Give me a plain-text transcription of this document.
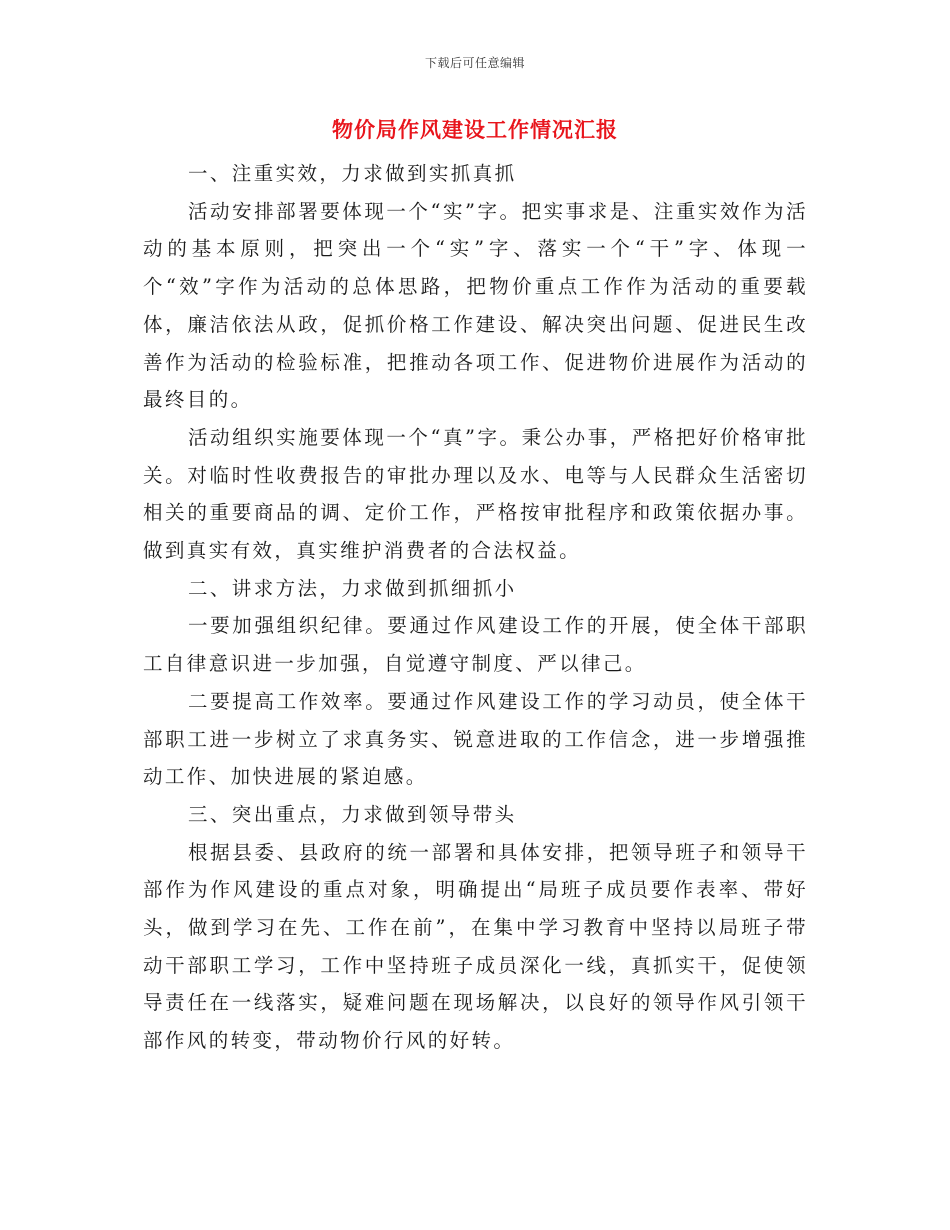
下载后可任意编辑
物价局作风建设工作情况汇报

一、注重实效，力求做到实抓真抓

活动安排部署要体现一个“实”字。把实事求是、注重实效作为活动的基本原则，把突出一个“实”字、落实一个“干”字、体现一个“效”字作为活动的总体思路，把物价重点工作作为活动的重要载体，廉洁依法从政，促抓价格工作建设、解决突出问题、促进民生改善作为活动的检验标准，把推动各项工作、促进物价进展作为活动的最终目的。

活动组织实施要体现一个“真”字。秉公办事，严格把好价格审批关。对临时性收费报告的审批办理以及水、电等与人民群众生活密切相关的重要商品的调、定价工作，严格按审批程序和政策依据办事。做到真实有效，真实维护消费者的合法权益。

二、讲求方法，力求做到抓细抓小

一要加强组织纪律。要通过作风建设工作的开展，使全体干部职工自律意识进一步加强，自觉遵守制度、严以律己。

二要提高工作效率。要通过作风建设工作的学习动员，使全体干部职工进一步树立了求真务实、锐意进取的工作信念，进一步增强推动工作、加快进展的紧迫感。

三、突出重点，力求做到领导带头

根据县委、县政府的统一部署和具体安排，把领导班子和领导干部作为作风建设的重点对象，明确提出“局班子成员要作表率、带好头，做到学习在先、工作在前”，在集中学习教育中坚持以局班子带动干部职工学习，工作中坚持班子成员深化一线，真抓实干，促使领导责任在一线落实，疑难问题在现场解决，以良好的领导作风引领干部作风的转变，带动物价行风的好转。
